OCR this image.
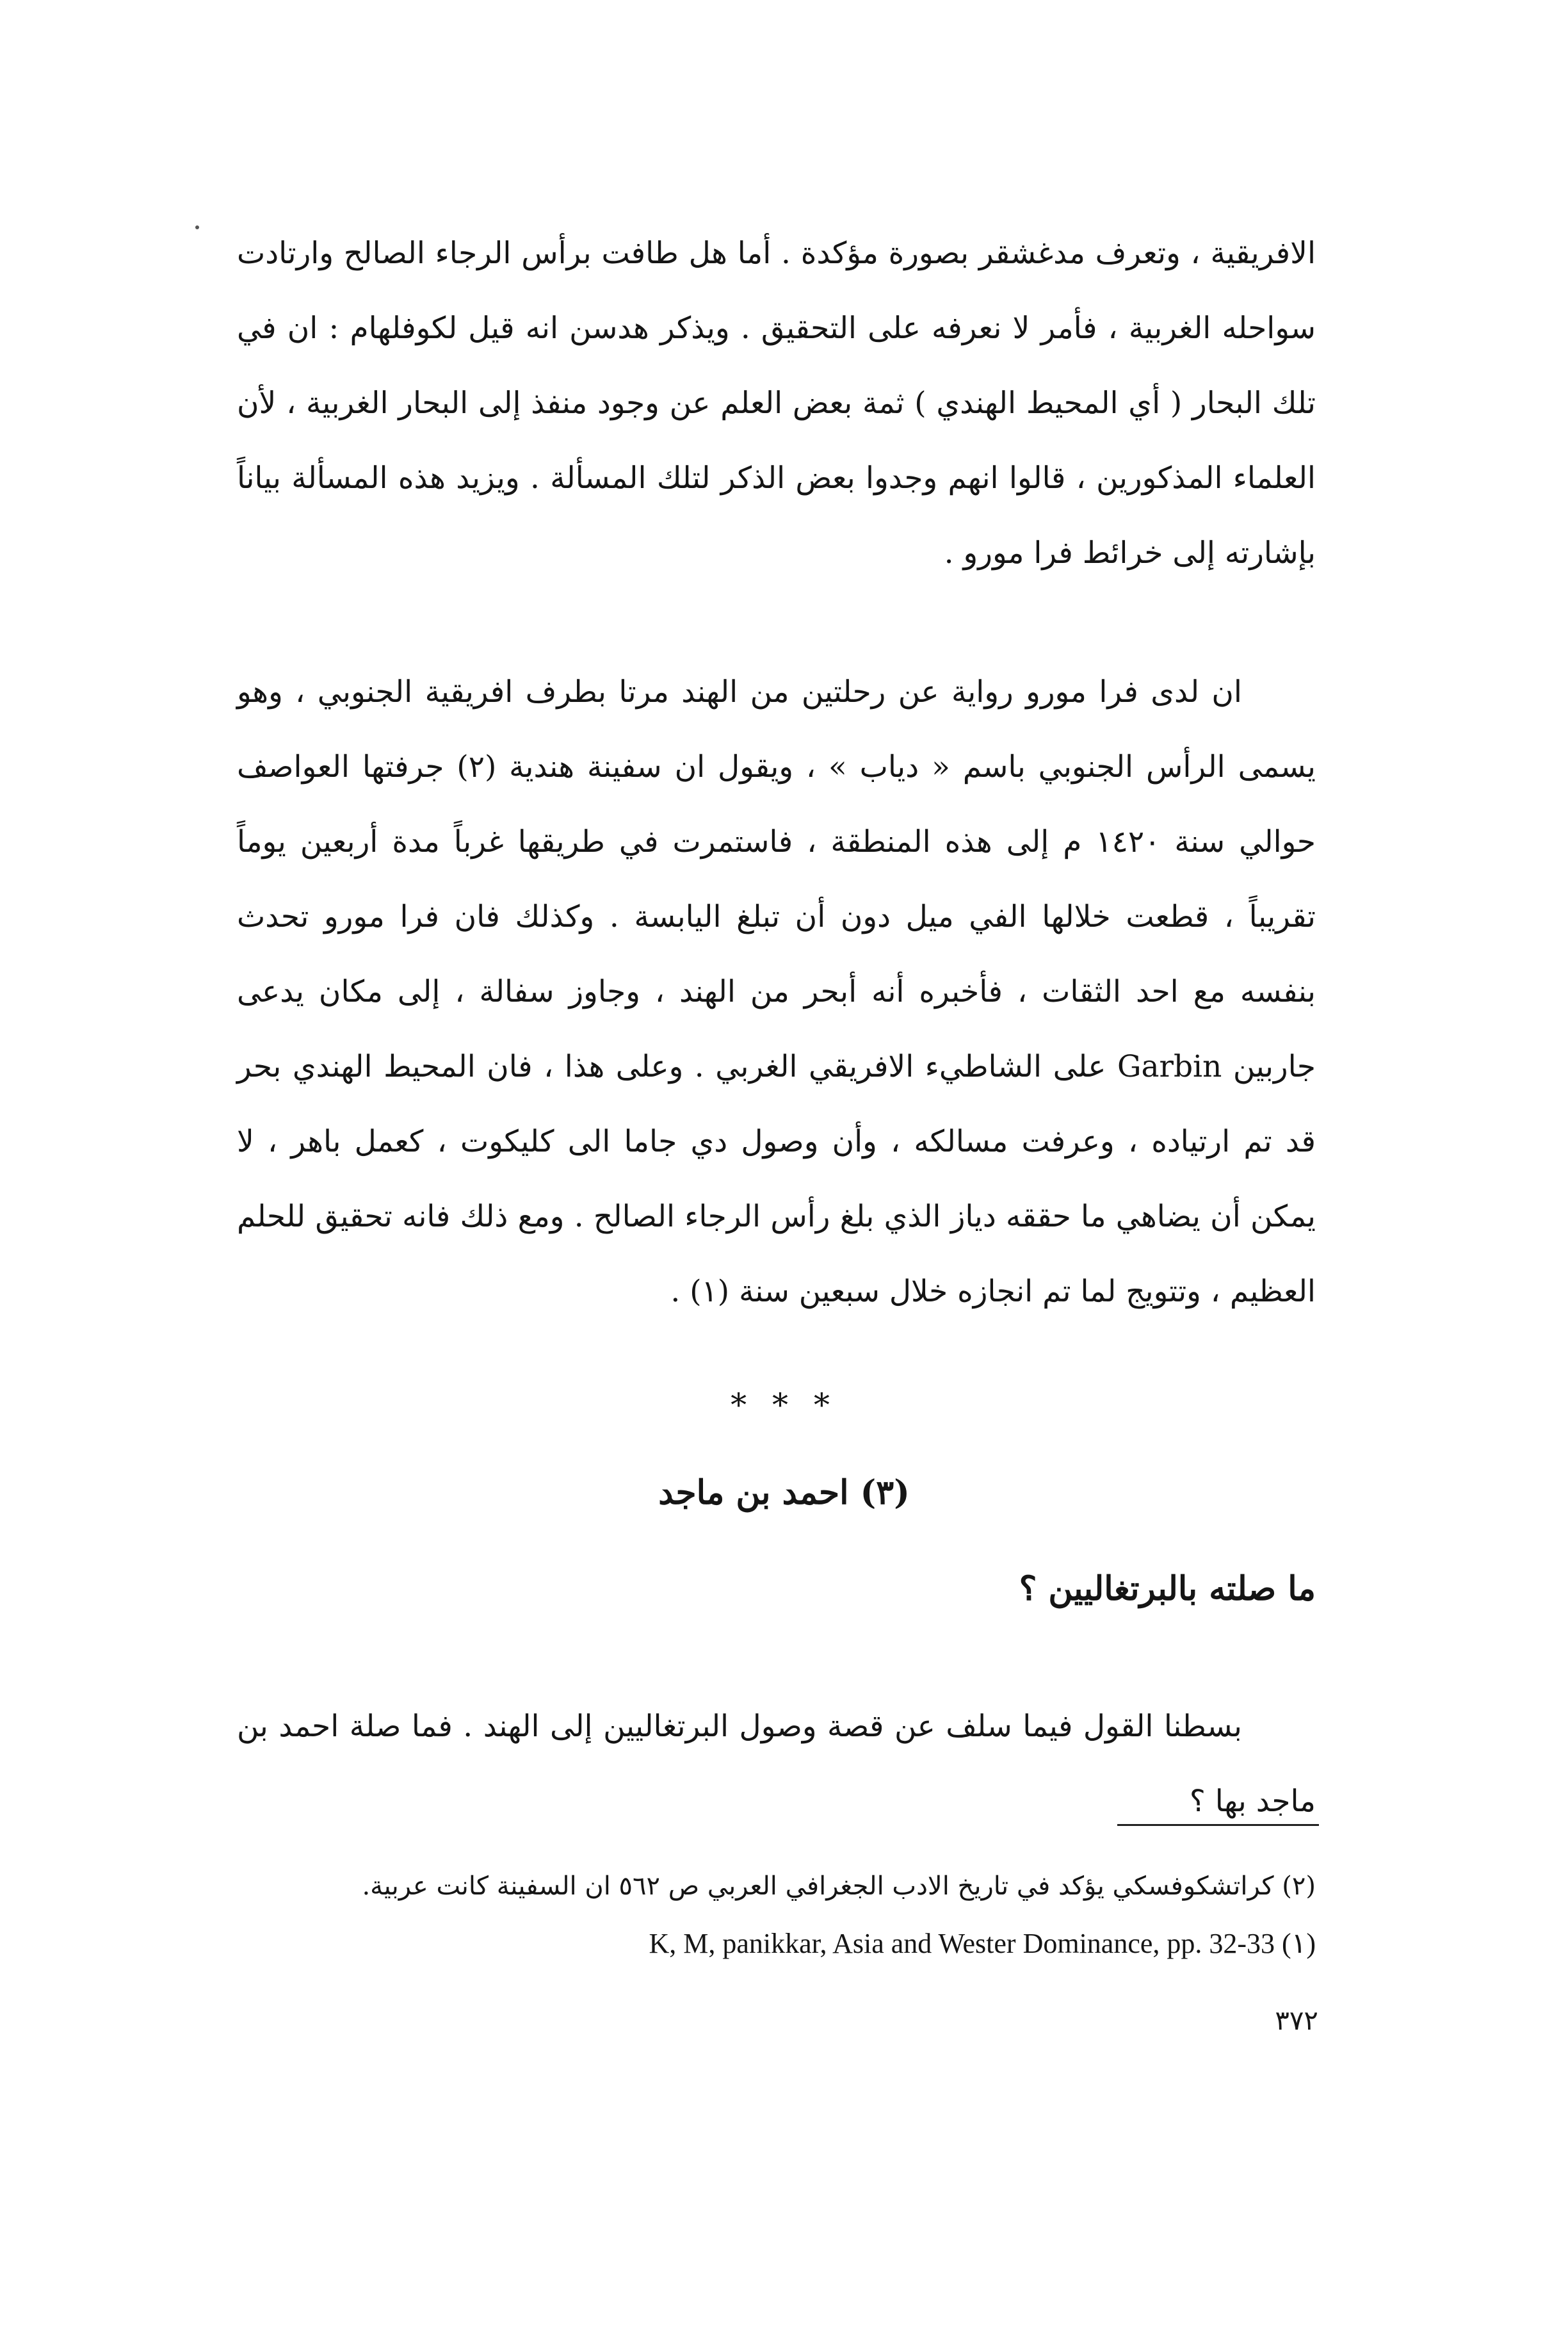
الافريقية ، وتعرف مدغشقر بصورة مؤكدة . أما هل طافت برأس الرجاء الصالح وارتادت سواحله الغربية ، فأمر لا نعرفه على التحقيق . ويذكر هدسن انه قيل لكوفلهام : ان في تلك البحار ( أي المحيط الهندي ) ثمة بعض العلم عن وجود منفذ إلى البحار الغربية ، لأن العلماء المذكورين ، قالوا انهم وجدوا بعض الذكر لتلك المسألة . ويزيد هذه المسألة بياناً بإشارته إلى خرائط فرا مورو .

ان لدى فرا مورو رواية عن رحلتين من الهند مرتا بطرف افريقية الجنوبي ، وهو يسمى الرأس الجنوبي باسم « دياب » ، ويقول ان سفينة هندية (٢) جرفتها العواصف حوالي سنة ١٤٢٠ م إلى هذه المنطقة ، فاستمرت في طريقها غرباً مدة أربعين يوماً تقريباً ، قطعت خلالها الفي ميل دون أن تبلغ اليابسة . وكذلك فان فرا مورو تحدث بنفسه مع احد الثقات ، فأخبره أنه أبحر من الهند ، وجاوز سفالة ، إلى مكان يدعى جاربين Garbin على الشاطيء الافريقي الغربي . وعلى هذا ، فان المحيط الهندي بحر قد تم ارتياده ، وعرفت مسالكه ، وأن وصول دي جاما الى كليكوت ، كعمل باهر ، لا يمكن أن يضاهي ما حققه دياز الذي بلغ رأس الرجاء الصالح . ومع ذلك فانه تحقيق للحلم العظيم ، وتتويج لما تم انجازه خلال سبعين سنة (١) .

* * *
(٣) احمد بن ماجد
ما صلته بالبرتغاليين ؟

بسطنا القول فيما سلف عن قصة وصول البرتغاليين إلى الهند . فما صلة احمد بن ماجد بها ؟

(٢) كراتشكوفسكي يؤكد في تاريخ الادب الجغرافي العربي ص ٥٦٢ ان السفينة كانت عربية.
K, M, panikkar, Asia and Wester Dominance, pp. 32-33 (١)
٣٧٢
